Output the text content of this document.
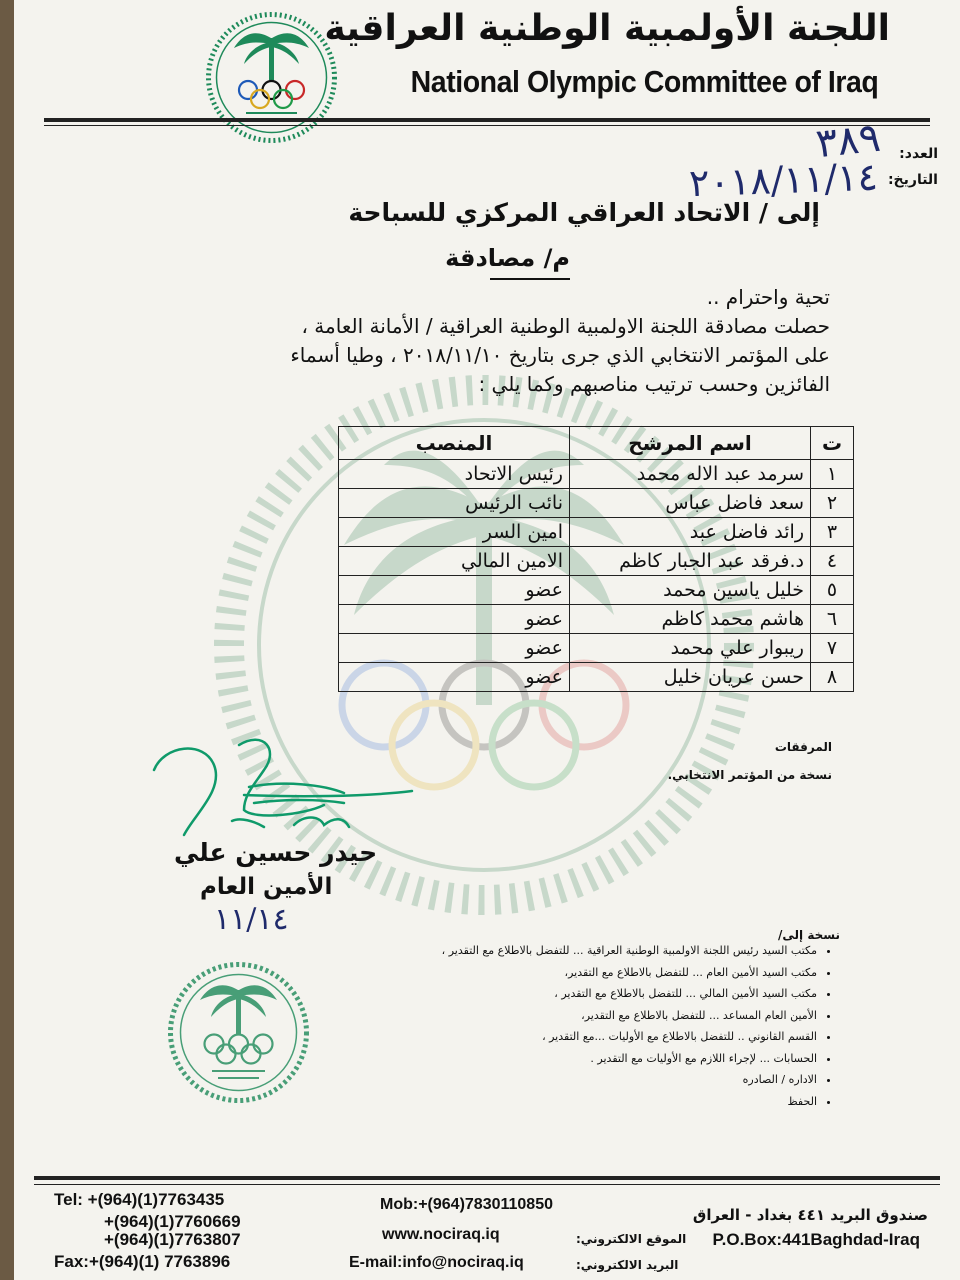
اللجنة الأولمبية الوطنية العراقية
National Olympic Committee of Iraq
العدد:
التاريخ:
٣٨٩
٢٠١٨/١١/١٤
إلى / الاتحاد العراقي المركزي للسباحة
م/ مصادقة
تحية واحترام ..
حصلت مصادقة اللجنة الاولمبية الوطنية العراقية / الأمانة العامة ،
على المؤتمر الانتخابي الذي جرى بتاريخ ٢٠١٨/١١/١٠ ، وطيا أسماء
الفائزين وحسب ترتيب مناصبهم وكما يلي :
ت	اسم المرشح	المنصب
١	سرمد عبد الاله محمد	رئيس الاتحاد
٢	سعد فاضل عباس	نائب الرئيس
٣	رائد فاضل عبد	امين السر
٤	د.فرقد عبد الجبار كاظم	الامين المالي
٥	خليل ياسين محمد	عضو
٦	هاشم محمد كاظم	عضو
٧	ريبوار علي محمد	عضو
٨	حسن عريان خليل	عضو
المرفقات
نسخة من المؤتمر الانتخابي.
حيدر حسين علي
الأمين العام
١١/١٤	نسخة إلى/
• مكتب السيد رئيس اللجنة الاولمبية الوطنية العراقية ... للتفضل بالاطلاع مع التقدير ،
• مكتب السيد الأمين العام ... للتفضل بالاطلاع مع التقدير،
• مكتب السيد الأمين المالي ... للتفضل بالاطلاع مع التقدير ،
• الأمين العام المساعد ... للتفضل بالاطلاع مع التقدير،
• القسم القانوني .. للتفضل بالاطلاع مع الأوليات ...مع التقدير ،
• الحسابات ... لإجراء اللازم مع الأوليات مع التقدير .
• الاداره / الصادره
• الحفظ
Tel: +(964)(1)7763435
+(964)(1)7760669
+(964)(1)7763807
Fax:+(964)(1) 7763896
Mob:+(964)7830110850
www.nociraq.iq
E-mail:info@nociraq.iq
الموقع الالكتروني:
البريد الالكتروني:
صندوق البريد ٤٤١ بغداد - العراق
P.O.Box:441Baghdad-Iraq
